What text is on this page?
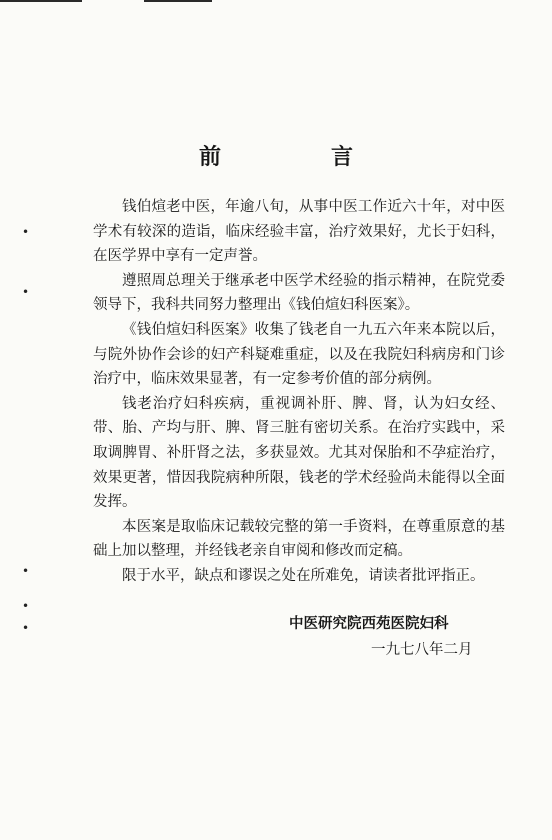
前　言

钱伯煊老中医，年逾八旬，从事中医工作近六十年，对中医学术有较深的造诣，临床经验丰富，治疗效果好，尤长于妇科，在医学界中享有一定声誉。

遵照周总理关于继承老中医学术经验的指示精神，在院党委领导下，我科共同努力整理出《钱伯煊妇科医案》。

《钱伯煊妇科医案》收集了钱老自一九五六年来本院以后，与院外协作会诊的妇产科疑难重症，以及在我院妇科病房和门诊治疗中，临床效果显著，有一定参考价值的部分病例。

钱老治疗妇科疾病，重视调补肝、脾、肾，认为妇女经、带、胎、产均与肝、脾、肾三脏有密切关系。在治疗实践中，采取调脾胃、补肝肾之法，多获显效。尤其对保胎和不孕症治疗，效果更著，惜因我院病种所限，钱老的学术经验尚未能得以全面发挥。

本医案是取临床记载较完整的第一手资料，在尊重原意的基础上加以整理，并经钱老亲自审阅和修改而定稿。

限于水平，缺点和谬误之处在所难免，请读者批评指正。

中医研究院西苑医院妇科
一九七八年二月
•
•
•
•
•
